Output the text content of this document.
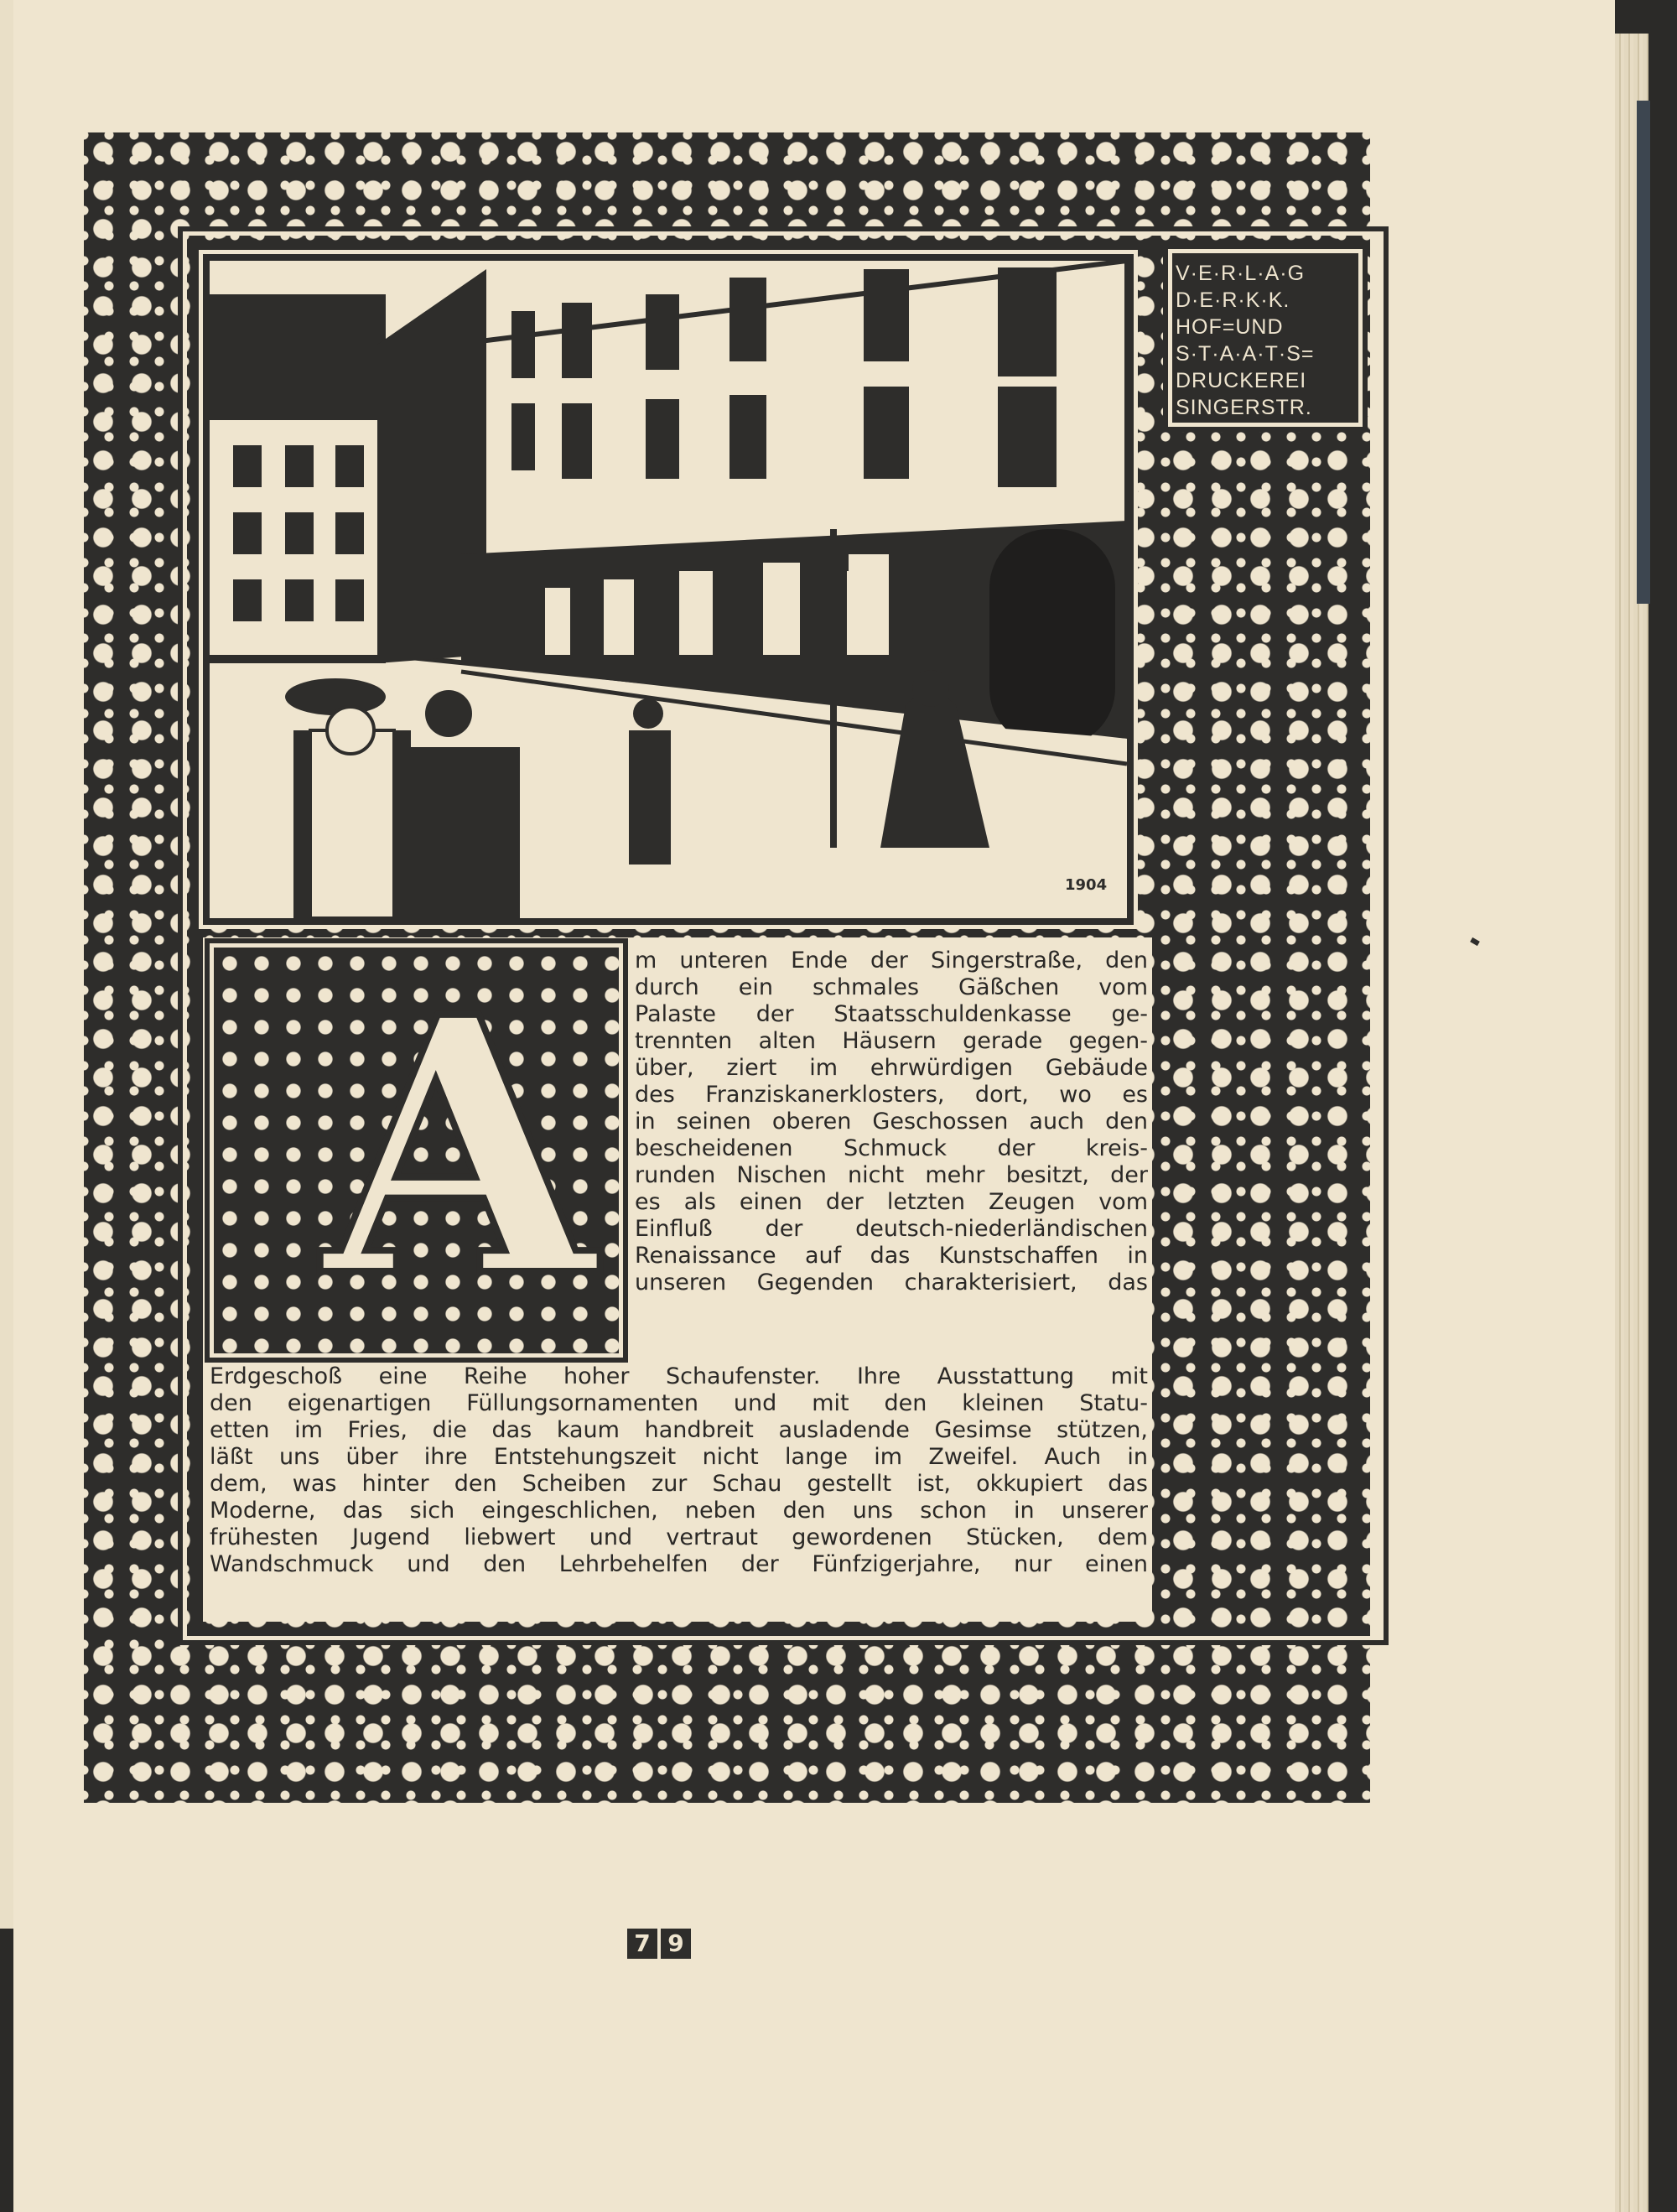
1904
V·E·R·L·A·G
D·E·R·K·K.
HOF=UND
S·T·A·A·T·S=
DRUCKEREI
SINGERSTR.
A m unteren Ende der Singerstraße, den
durch ein schmales Gäßchen vom
Palaste der Staatsschuldenkasse ge-
trennten alten Häusern gerade gegen-
über, ziert im ehrwürdigen Gebäude
des Franziskanerklosters, dort, wo es
in seinen oberen Geschossen auch den
bescheidenen Schmuck der kreis-
runden Nischen nicht mehr besitzt, der
es als einen der letzten Zeugen vom
Einfluß der deutsch-niederländischen
Renaissance auf das Kunstschaffen in
unseren Gegenden charakterisiert, das
Erdgeschoß eine Reihe hoher Schaufenster. Ihre Ausstattung mit
den eigenartigen Füllungsornamenten und mit den kleinen Statu-
etten im Fries, die das kaum handbreit ausladende Gesimse stützen,
läßt uns über ihre Entstehungszeit nicht lange im Zweifel. Auch in
dem, was hinter den Scheiben zur Schau gestellt ist, okkupiert das
Moderne, das sich eingeschlichen, neben den uns schon in unserer
frühesten Jugend liebwert und vertraut gewordenen Stücken, dem
Wandschmuck und den Lehrbehelfen der Fünfzigerjahre, nur einen
7 9
